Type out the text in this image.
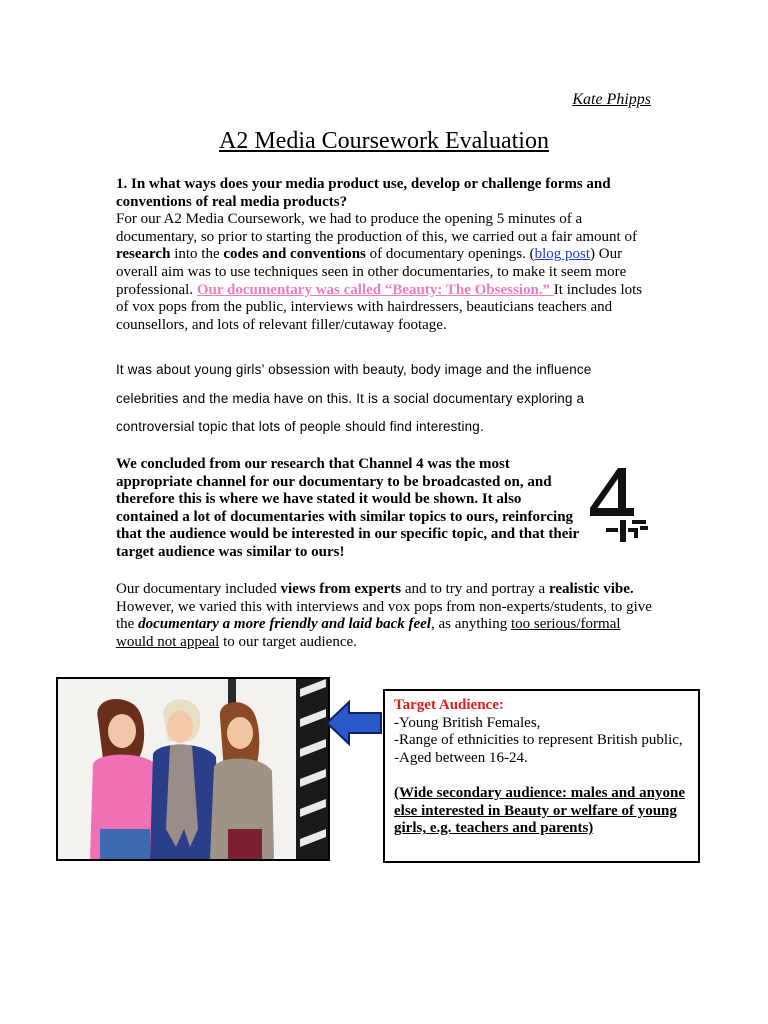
Kate Phipps
A2 Media Coursework Evaluation
1. In what ways does your media product use, develop or challenge forms and conventions of real media products?
For our A2 Media Coursework, we had to produce the opening 5 minutes of a documentary, so prior to starting the production of this, we carried out a fair amount of research into the codes and conventions of documentary openings. (blog post) Our overall aim was to use techniques seen in other documentaries, to make it seem more professional. Our documentary was called “Beauty: The Obsession.” It includes lots of vox pops from the public, interviews with hairdressers, beauticians teachers and counsellors, and lots of relevant filler/cutaway footage.
It was about young girls’ obsession with beauty, body image and the influence celebrities and the media have on this. It is a social documentary exploring a controversial topic that lots of people should find interesting.
We concluded from our research that Channel 4 was the most appropriate channel for our documentary to be broadcasted on, and therefore this is where we have stated it would be shown. It also contained a lot of documentaries with similar topics to ours, reinforcing that the audience would be interested in our specific topic, and that their target audience was similar to ours!
Our documentary included views from experts and to try and portray a realistic vibe. However, we varied this with interviews and vox pops from non-experts/students, to give the documentary a more friendly and laid back feel, as anything too serious/formal would not appeal to our target audience.
Target Audience:
-Young British Females,
-Range of ethnicities to represent British public,
-Aged between 16-24.
(Wide secondary audience: males and anyone else interested in Beauty or welfare of young girls, e.g. teachers and parents)
